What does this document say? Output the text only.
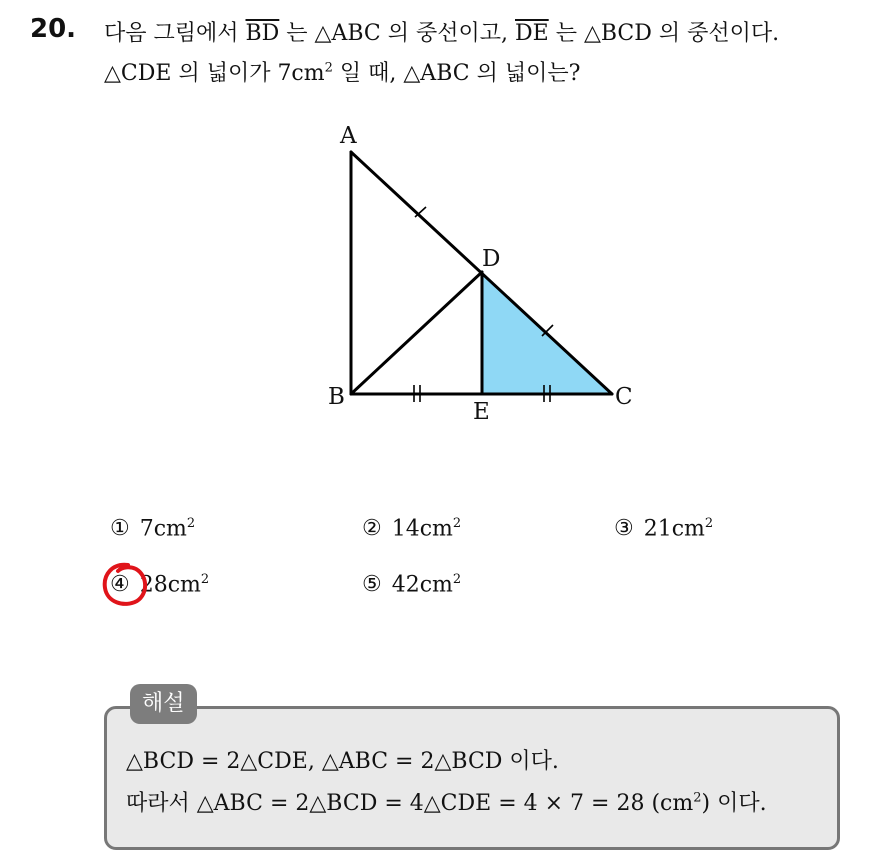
20. 다음 그림에서 $\overline{BD}$ 는 △ABC 의 중선이고, $\overline{DE}$ 는 △BCD 의 중선이다.
△CDE 의 넓이가 $7cm^2$ 일 때, △ABC 의 넓이는?
A
B	C
D
E
① $7cm^2$	② $14cm^2$	③ $21cm^2$
④ $28cm^2$	⑤ $42cm^2$
해설
△BCD = 2△CDE, △ABC = 2△BCD 이다.
따라서 △ABC = 2△BCD = 4△CDE = 4 × 7 = 28 $(cm^2)$ 이다.
